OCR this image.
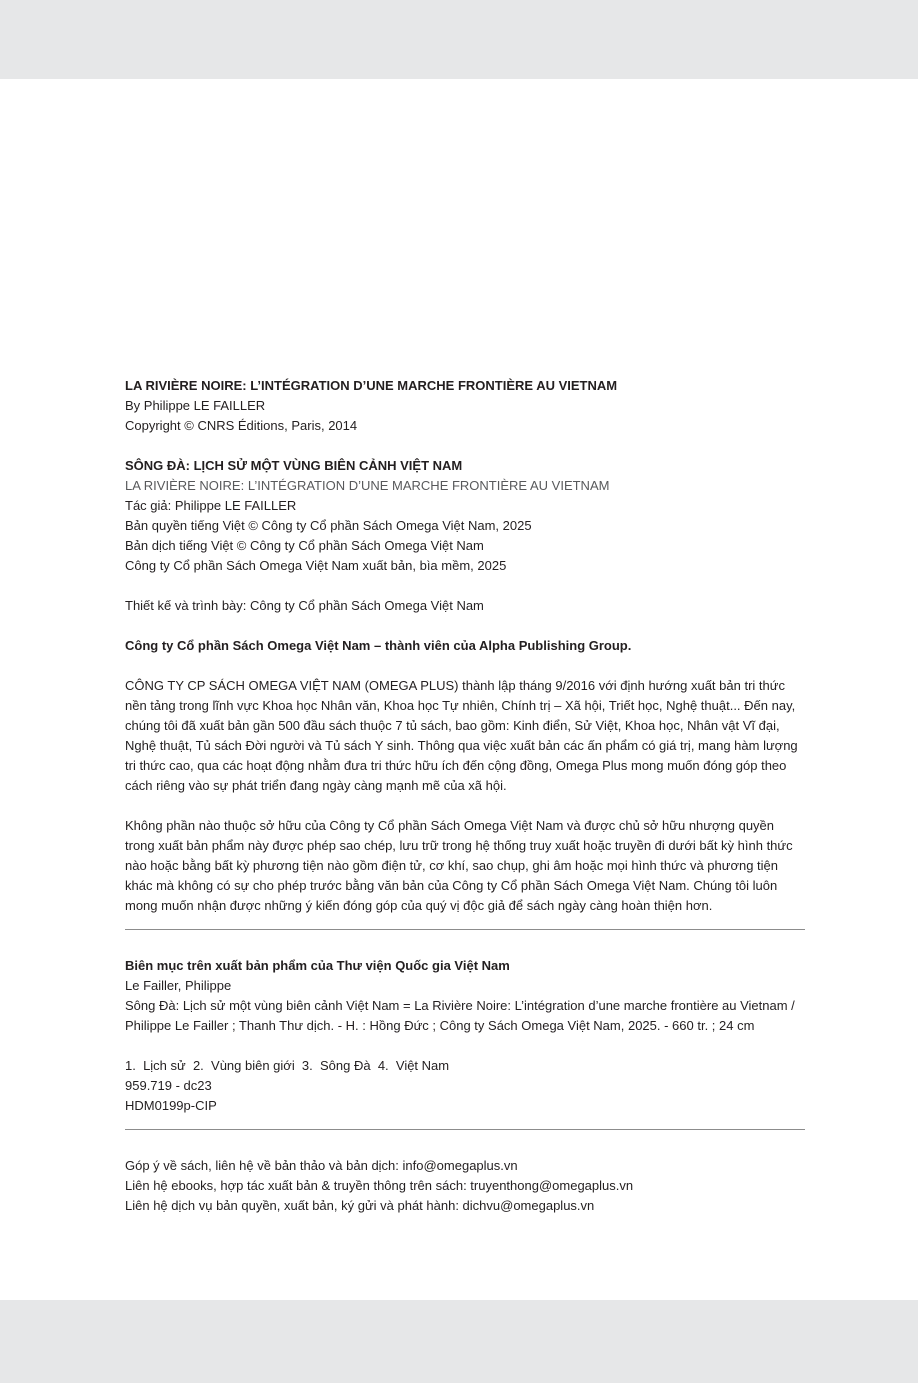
LA RIVIÈRE NOIRE: L’INTÉGRATION D’UNE MARCHE FRONTIÈRE AU VIETNAM
By Philippe LE FAILLER
Copyright © CNRS Éditions, Paris, 2014
SÔNG ĐÀ: LỊCH SỬ MỘT VÙNG BIÊN CẢNH VIỆT NAM
LA RIVIÈRE NOIRE: L’INTÉGRATION D’UNE MARCHE FRONTIÈRE AU VIETNAM
Tác giả: Philippe LE FAILLER
Bản quyền tiếng Việt © Công ty Cổ phần Sách Omega Việt Nam, 2025
Bản dịch tiếng Việt © Công ty Cổ phần Sách Omega Việt Nam
Công ty Cổ phần Sách Omega Việt Nam xuất bản, bìa mềm, 2025
Thiết kế và trình bày: Công ty Cổ phần Sách Omega Việt Nam
Công ty Cổ phần Sách Omega Việt Nam – thành viên của Alpha Publishing Group.
CÔNG TY CP SÁCH OMEGA VIỆT NAM (OMEGA PLUS) thành lập tháng 9/2016 với định hướng xuất bản tri thức nền tảng trong lĩnh vực Khoa học Nhân văn, Khoa học Tự nhiên, Chính trị – Xã hội, Triết học, Nghệ thuật... Đến nay, chúng tôi đã xuất bản gần 500 đầu sách thuộc 7 tủ sách, bao gồm: Kinh điển, Sử Việt, Khoa học, Nhân vật Vĩ đại, Nghệ thuật, Tủ sách Đời người và Tủ sách Y sinh. Thông qua việc xuất bản các ấn phẩm có giá trị, mang hàm lượng tri thức cao, qua các hoạt động nhằm đưa tri thức hữu ích đến cộng đồng, Omega Plus mong muốn đóng góp theo cách riêng vào sự phát triển đang ngày càng mạnh mẽ của xã hội.
Không phần nào thuộc sở hữu của Công ty Cổ phần Sách Omega Việt Nam và được chủ sở hữu nhượng quyền trong xuất bản phẩm này được phép sao chép, lưu trữ trong hệ thống truy xuất hoặc truyền đi dưới bất kỳ hình thức nào hoặc bằng bất kỳ phương tiện nào gồm điện tử, cơ khí, sao chụp, ghi âm hoặc mọi hình thức và phương tiện khác mà không có sự cho phép trước bằng văn bản của Công ty Cổ phần Sách Omega Việt Nam. Chúng tôi luôn mong muốn nhận được những ý kiến đóng góp của quý vị độc giả để sách ngày càng hoàn thiện hơn.
Biên mục trên xuất bản phẩm của Thư viện Quốc gia Việt Nam
Le Failler, Philippe
Sông Đà: Lịch sử một vùng biên cảnh Việt Nam = La Rivière Noire: L’intégration d’une marche frontière au Vietnam / Philippe Le Failler ; Thanh Thư dịch. - H. : Hồng Đức ; Công ty Sách Omega Việt Nam, 2025. - 660 tr. ; 24 cm
1.  Lịch sử  2.  Vùng biên giới  3.  Sông Đà  4.  Việt Nam
959.719 - dc23
HDM0199p-CIP
Góp ý về sách, liên hệ về bản thảo và bản dịch: info@omegaplus.vn
Liên hệ ebooks, hợp tác xuất bản & truyền thông trên sách: truyenthong@omegaplus.vn
Liên hệ dịch vụ bản quyền, xuất bản, ký gửi và phát hành: dichvu@omegaplus.vn
